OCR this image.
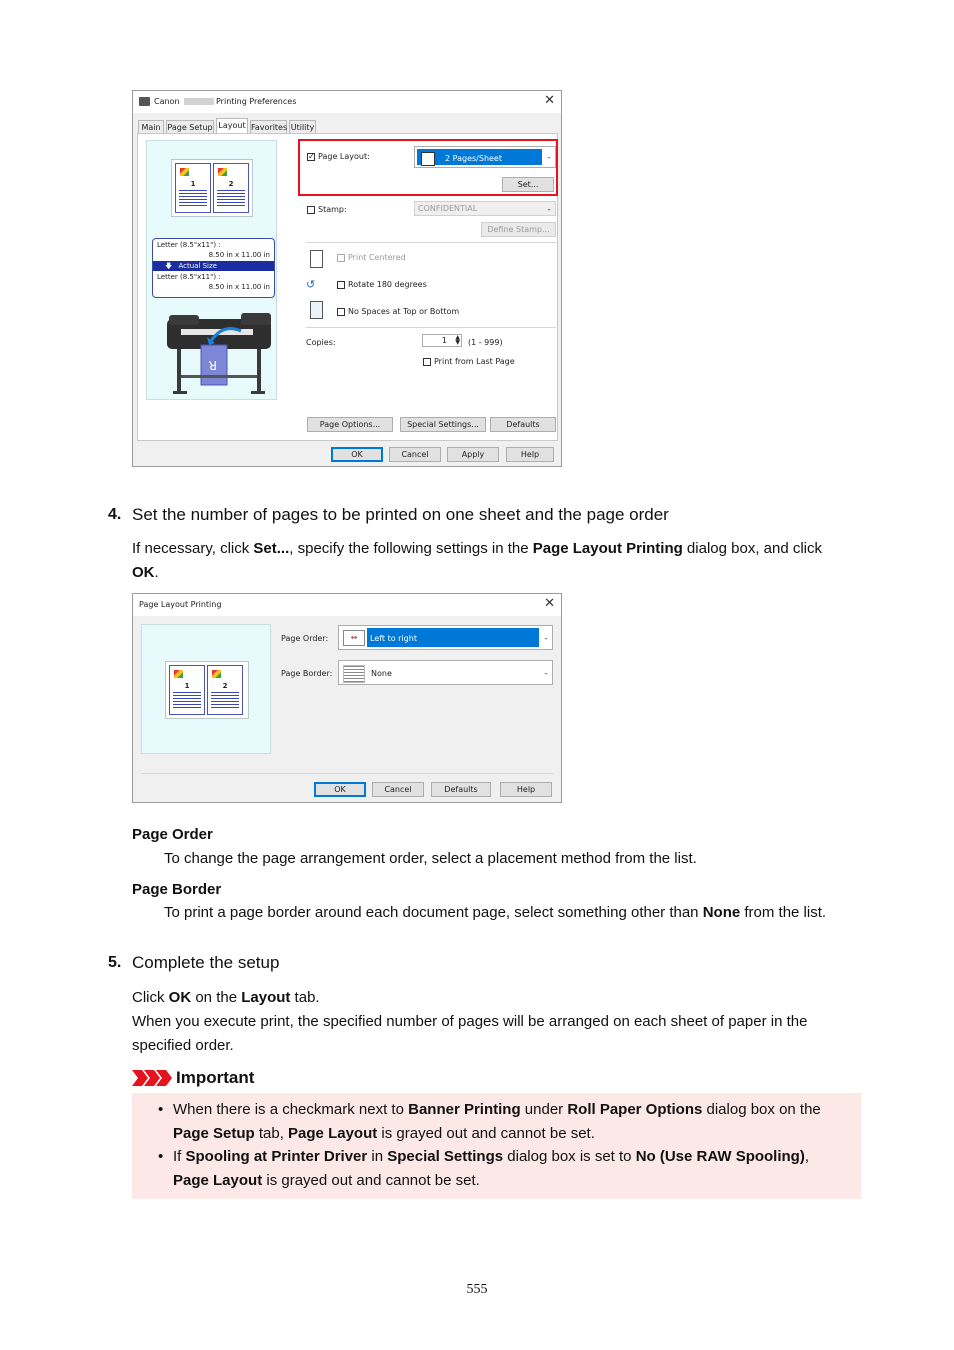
Canon	Printing Preferences	✕
Main Page Setup Layout Favorites Utility
1	2
Letter (8.5"x11") :
8.50 in x 11.00 in
🡇 Actual Size
Letter (8.5"x11") :
8.50 in x 11.00 in
R
✓ Page Layout:	2 Pages/Sheet	⌄
Set...
Stamp:	CONFIDENTIAL	⌄
Define Stamp...
Print Centered
↺	Rotate 180 degrees
No Spaces at Top or Bottom
Copies:	1 ▲
▼ (1 - 999)
Print from Last Page
Page Options...	Special Settings...	Defaults
OK	Cancel	Apply	Help
4. Set the number of pages to be printed on one sheet and the page order
If necessary, click Set..., specify the following settings in the Page Layout Printing dialog box, and click
OK.
Page Layout Printing	✕
1	2
Page Order:	↔	Left to right	⌄
Page Border:	None	⌄
OK	Cancel	Defaults	Help
Page Order
To change the page arrangement order, select a placement method from the list.
Page Border
To print a page border around each document page, select something other than None from the list.
5. Complete the setup
Click OK on the Layout tab.
When you execute print, the specified number of pages will be arranged on each sheet of paper in the
specified order.
Important
• When there is a checkmark next to Banner Printing under Roll Paper Options dialog box on the
Page Setup tab, Page Layout is grayed out and cannot be set.
• If Spooling at Printer Driver in Special Settings dialog box is set to No (Use RAW Spooling),
Page Layout is grayed out and cannot be set.
555
